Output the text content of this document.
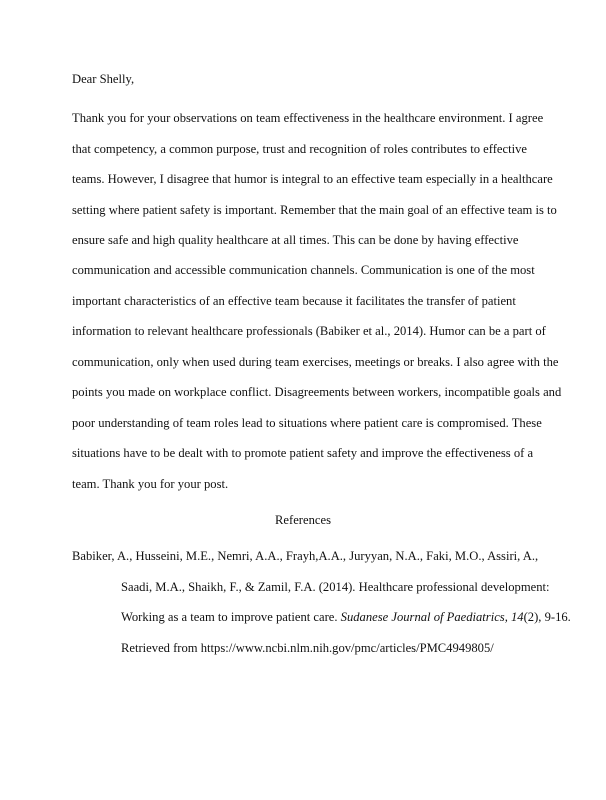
Dear Shelly,
Thank you for your observations on team effectiveness in the healthcare environment. I agree
that competency, a common purpose, trust and recognition of roles contributes to effective
teams. However, I disagree that humor is integral to an effective team especially in a healthcare
setting where patient safety is important. Remember that the main goal of an effective team is to
ensure safe and high quality healthcare at all times. This can be done by having effective
communication and accessible communication channels. Communication is one of the most
important characteristics of an effective team because it facilitates the transfer of patient
information to relevant healthcare professionals (Babiker et al., 2014). Humor can be a part of
communication, only when used during team exercises, meetings or breaks. I also agree with the
points you made on workplace conflict. Disagreements between workers, incompatible goals and
poor understanding of team roles lead to situations where patient care is compromised. These
situations have to be dealt with to promote patient safety and improve the effectiveness of a
team. Thank you for your post.
References
Babiker, A., Husseini, M.E., Nemri, A.A., Frayh,A.A., Juryyan, N.A., Faki, M.O., Assiri, A.,
Saadi, M.A., Shaikh, F., & Zamil, F.A. (2014). Healthcare professional development:
Working as a team to improve patient care. Sudanese Journal of Paediatrics, 14(2), 9-16.
Retrieved from https://www.ncbi.nlm.nih.gov/pmc/articles/PMC4949805/
